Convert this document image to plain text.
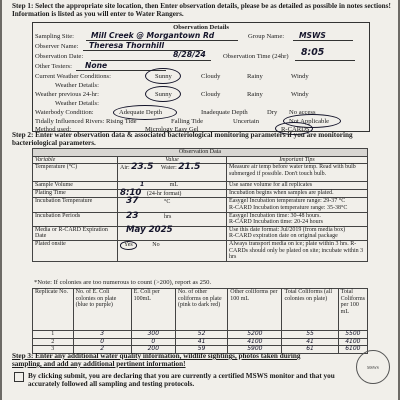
Step 1: Select the appropriate site location, then Enter observation details, please be as detailed as possible in notes sections! Information is listed as you will enter to Water Rangers.
Observation Details
Sampling Site: Mill Creek @ Morgantown Rd	Group Name: MSWS
Observer Name: Theresa Thornhill
Observation Date:	8/28/24	Observation Time (24hr) 8:05
Other Testers: None
Current Weather Conditions:	Sunny	Cloudy	Rainy	Windy
Weather Details:
Weather previous 24-hr:	Sunny	Cloudy	Rainy	Windy
Weather Details:
Waterbody Condition:	Adequate Depth	Inadequate Depth	Dry No access
Tidally Influenced Rivers: Rising Tide	Falling Tide	Uncertain	Not Applicable
Method used:	Micrology Easy Gel	R-CARDS
Step 2: Enter water observation data & associated bacteriological monitoring parameters if you are monitoring bacteriological parameters.
Observation Data		
Variable	Value	Important Tips
Temperature (°C)	Air: 23.5 Water: 21.5	Measure air temp before water temp. Read with bulb submerged if possible. Don't touch bulb.
Sample Volume	1 mL	Use same volume for all replicates
Plating Time	8:10 (24-hr format)	Incubation begins when samples are plated.
Incubation Temperature	37 °C	Easygel Incubation temperature range: 29-37 °C
R-CARD Incubation temperature range: 35-38°C
Incubation Periods	23 hrs	Easygel Incubation time: 30-48 hours.
R-CARD Incubation time: 20-24 hours
Media or R-CARD Expiration Date	May 2025	Use this date format: Jul/2019 (from media box)
R-CARD expiration date on original package
Plated onsite	Yes No	Always transport media on ice; plate within 3 hrs. R-CARDs should only be plated on site; incubate within 3 hrs
*Note: If colonies are too numerous to count (>200), report as 250.
Replicate No.	No. of E. Coli colonies on plate (blue to purple)	E. Coli per 100mL	No. of other coliforms on plate (pink to dark red)	Other coliforms per 100 mL	Total Coliforms (all colonies on plate)	Total Coliforms per 100 mL
1	3	300	52	5200	55	5500
2	0	0	41	4100	41	4100
3	2	200	59	5900	61	6100
Step 3: Enter any additional water quality information, wildlife sightings, photos taken during sampling, and add any additional pertinent information!
By clicking submit, you are declaring that you are currently a certified MSWS monitor and that you accurately followed all sampling and testing protocols.
MSWS
